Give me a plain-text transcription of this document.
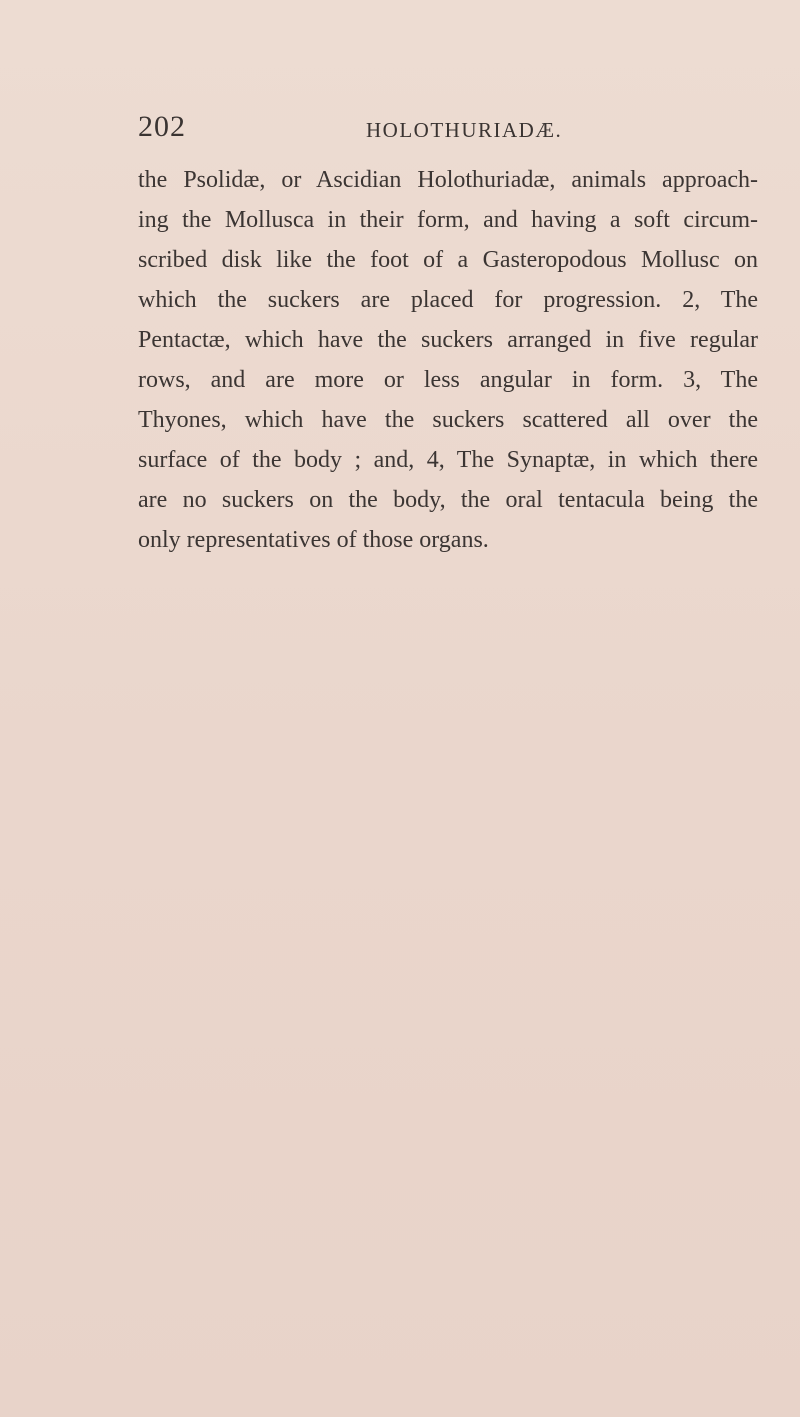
202	HOLOTHURIADÆ.
the Psolidæ, or Ascidian Holothuriadæ, animals approach-
ing the Mollusca in their form, and having a soft circum-
scribed disk like the foot of a Gasteropodous Mollusc on
which the suckers are placed for progression. 2, The
Pentactæ, which have the suckers arranged in five regular
rows, and are more or less angular in form. 3, The
Thyones, which have the suckers scattered all over the
surface of the body ; and, 4, The Synaptæ, in which there
are no suckers on the body, the oral tentacula being the
only representatives of those organs.
